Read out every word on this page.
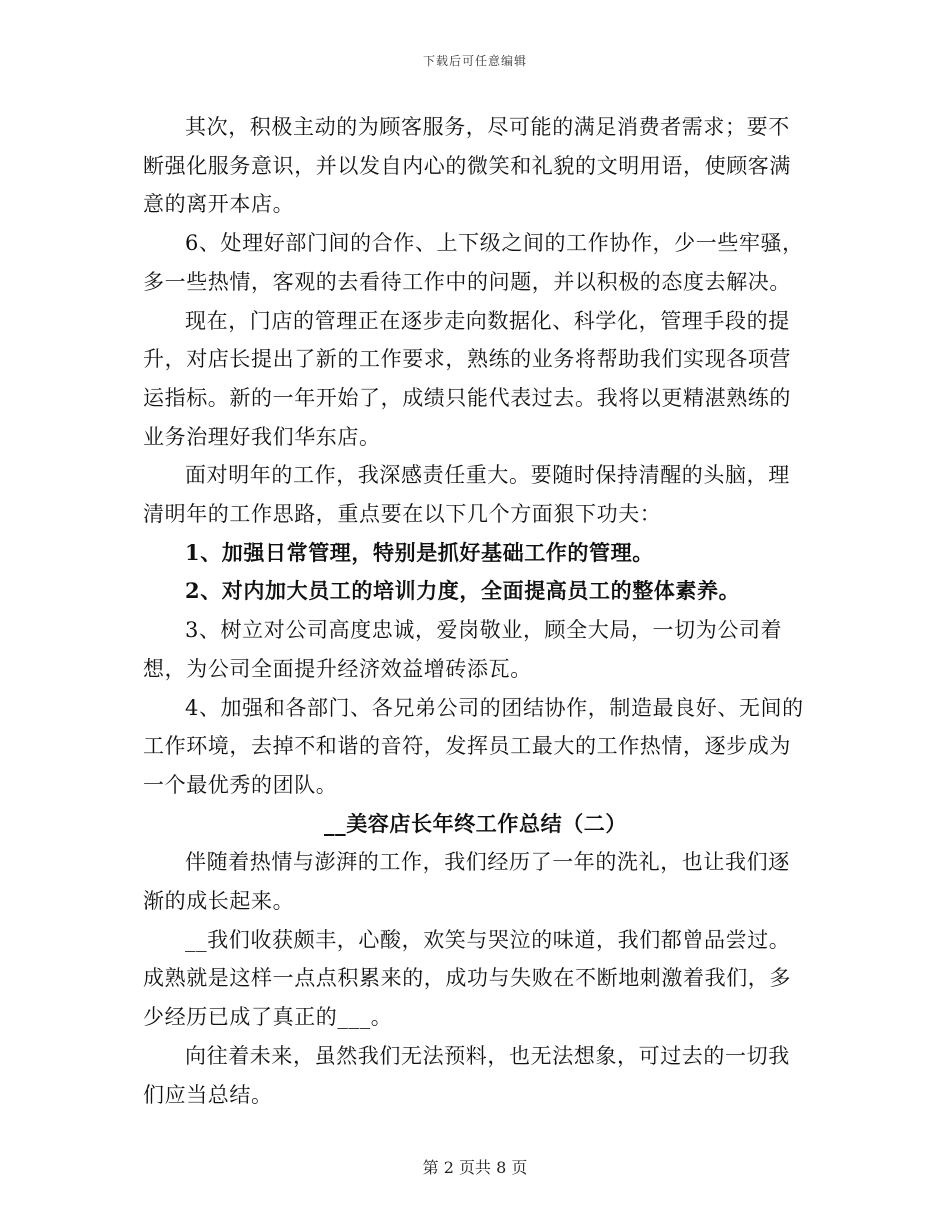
下载后可任意编辑

其次，积极主动的为顾客服务，尽可能的满足消费者需求；要不断强化服务意识，并以发自内心的微笑和礼貌的文明用语，使顾客满意的离开本店。

6、处理好部门间的合作、上下级之间的工作协作，少一些牢骚，多一些热情，客观的去看待工作中的问题，并以积极的态度去解决。

现在，门店的管理正在逐步走向数据化、科学化，管理手段的提升，对店长提出了新的工作要求，熟练的业务将帮助我们实现各项营运指标。新的一年开始了，成绩只能代表过去。我将以更精湛熟练的业务治理好我们华东店。

面对明年的工作，我深感责任重大。要随时保持清醒的头脑，理清明年的工作思路，重点要在以下几个方面狠下功夫：

1、加强日常管理，特别是抓好基础工作的管理。

2、对内加大员工的培训力度，全面提高员工的整体素养。

3、树立对公司高度忠诚，爱岗敬业，顾全大局，一切为公司着想，为公司全面提升经济效益增砖添瓦。

4、加强和各部门、各兄弟公司的团结协作，制造最良好、无间的工作环境，去掉不和谐的音符，发挥员工最大的工作热情，逐步成为一个最优秀的团队。

__美容店长年终工作总结（二）

伴随着热情与澎湃的工作，我们经历了一年的洗礼，也让我们逐渐的成长起来。

__我们收获颇丰，心酸，欢笑与哭泣的味道，我们都曾品尝过。成熟就是这样一点点积累来的，成功与失败在不断地刺激着我们，多少经历已成了真正的___。

向往着未来，虽然我们无法预料，也无法想象，可过去的一切我们应当总结。

第 2 页共 8 页
